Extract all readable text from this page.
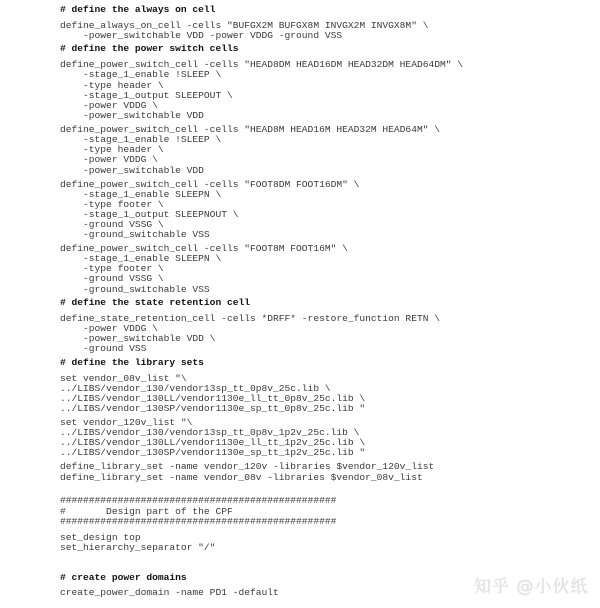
# define the always on cell
define_always_on_cell -cells "BUFGX2M BUFGX8M INVGX2M INVGX8M" \
-power_switchable VDD -power VDDG -ground VSS
# define the power switch cells
define_power_switch_cell -cells "HEAD8DM HEAD16DM HEAD32DM HEAD64DM" \
-stage_1_enable !SLEEP \
-type header \
-stage_1_output SLEEPOUT \
-power VDDG \
-power_switchable VDD
define_power_switch_cell -cells "HEAD8M HEAD16M HEAD32M HEAD64M" \
-stage_1_enable !SLEEP \
-type header \
-power VDDG \
-power_switchable VDD
define_power_switch_cell -cells "FOOT8DM FOOT16DM" \
-stage_1_enable SLEEPN \
-type footer \
-stage_1_output SLEEPNOUT \
-ground VSSG \
-ground_switchable VSS
define_power_switch_cell -cells "FOOT8M FOOT16M" \
-stage_1_enable SLEEPN \
-type footer \
-ground VSSG \
-ground_switchable VSS
# define the state retention cell
define_state_retention_cell -cells *DRFF* -restore_function RETN \
-power VDDG \
-power_switchable VDD \
-ground VSS
# define the library sets
set vendor_08v_list "\
../LIBS/vendor_130/vendor13sp_tt_0p8v_25c.lib \
../LIBS/vendor_130LL/vendor1130e_ll_tt_0p8v_25c.lib \
../LIBS/vendor_130SP/vendor1130e_sp_tt_0p8v_25c.lib "
set vendor_120v_list "\
../LIBS/vendor_130/vendor13sp_tt_0p8v_1p2v_25c.lib \
../LIBS/vendor_130LL/vendor1130e_ll_tt_1p2v_25c.lib \
../LIBS/vendor_130SP/vendor1130e_sp_tt_1p2v_25c.lib "
define_library_set -name vendor_120v -libraries $vendor_120v_list
define_library_set -name vendor_08v -libraries $vendor_08v_list
################################################
#       Design part of the CPF
################################################
set_design top
set_hierarchy_separator "/"
# create power domains
create_power_domain -name PD1 -default	知乎 @小伙纸
